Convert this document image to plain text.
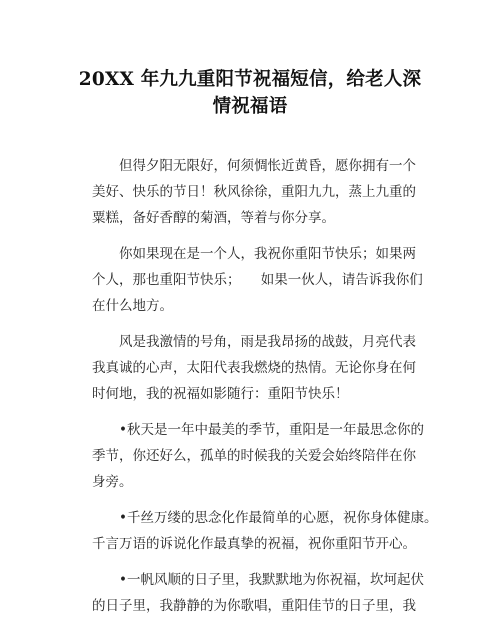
20XX 年九九重阳节祝福短信，给老人深
情祝福语
　　但得夕阳无限好，何须惆怅近黄昏，愿你拥有一个
美好、快乐的节日！秋风徐徐，重阳九九，蒸上九重的
粟糕，备好香醇的菊酒，等着与你分享。
　　你如果现在是一个人，我祝你重阳节快乐；如果两
个人，那也重阳节快乐；　　如果一伙人，请告诉我你们
在什么地方。
　　风是我激情的号角，雨是我昂扬的战鼓，月亮代表
我真诚的心声，太阳代表我燃烧的热情。无论你身在何
时何地，我的祝福如影随行：重阳节快乐！
　　•秋天是一年中最美的季节，重阳是一年最思念你的
季节，你还好么，孤单的时候我的关爱会始终陪伴在你
身旁。
　　•千丝万缕的思念化作最简单的心愿，祝你身体健康。
千言万语的诉说化作最真挚的祝福，祝你重阳节开心。
　　•一帆风顺的日子里，我默默地为你祝福，坎坷起伏
的日子里，我静静的为你歌唱，重阳佳节的日子里，我
